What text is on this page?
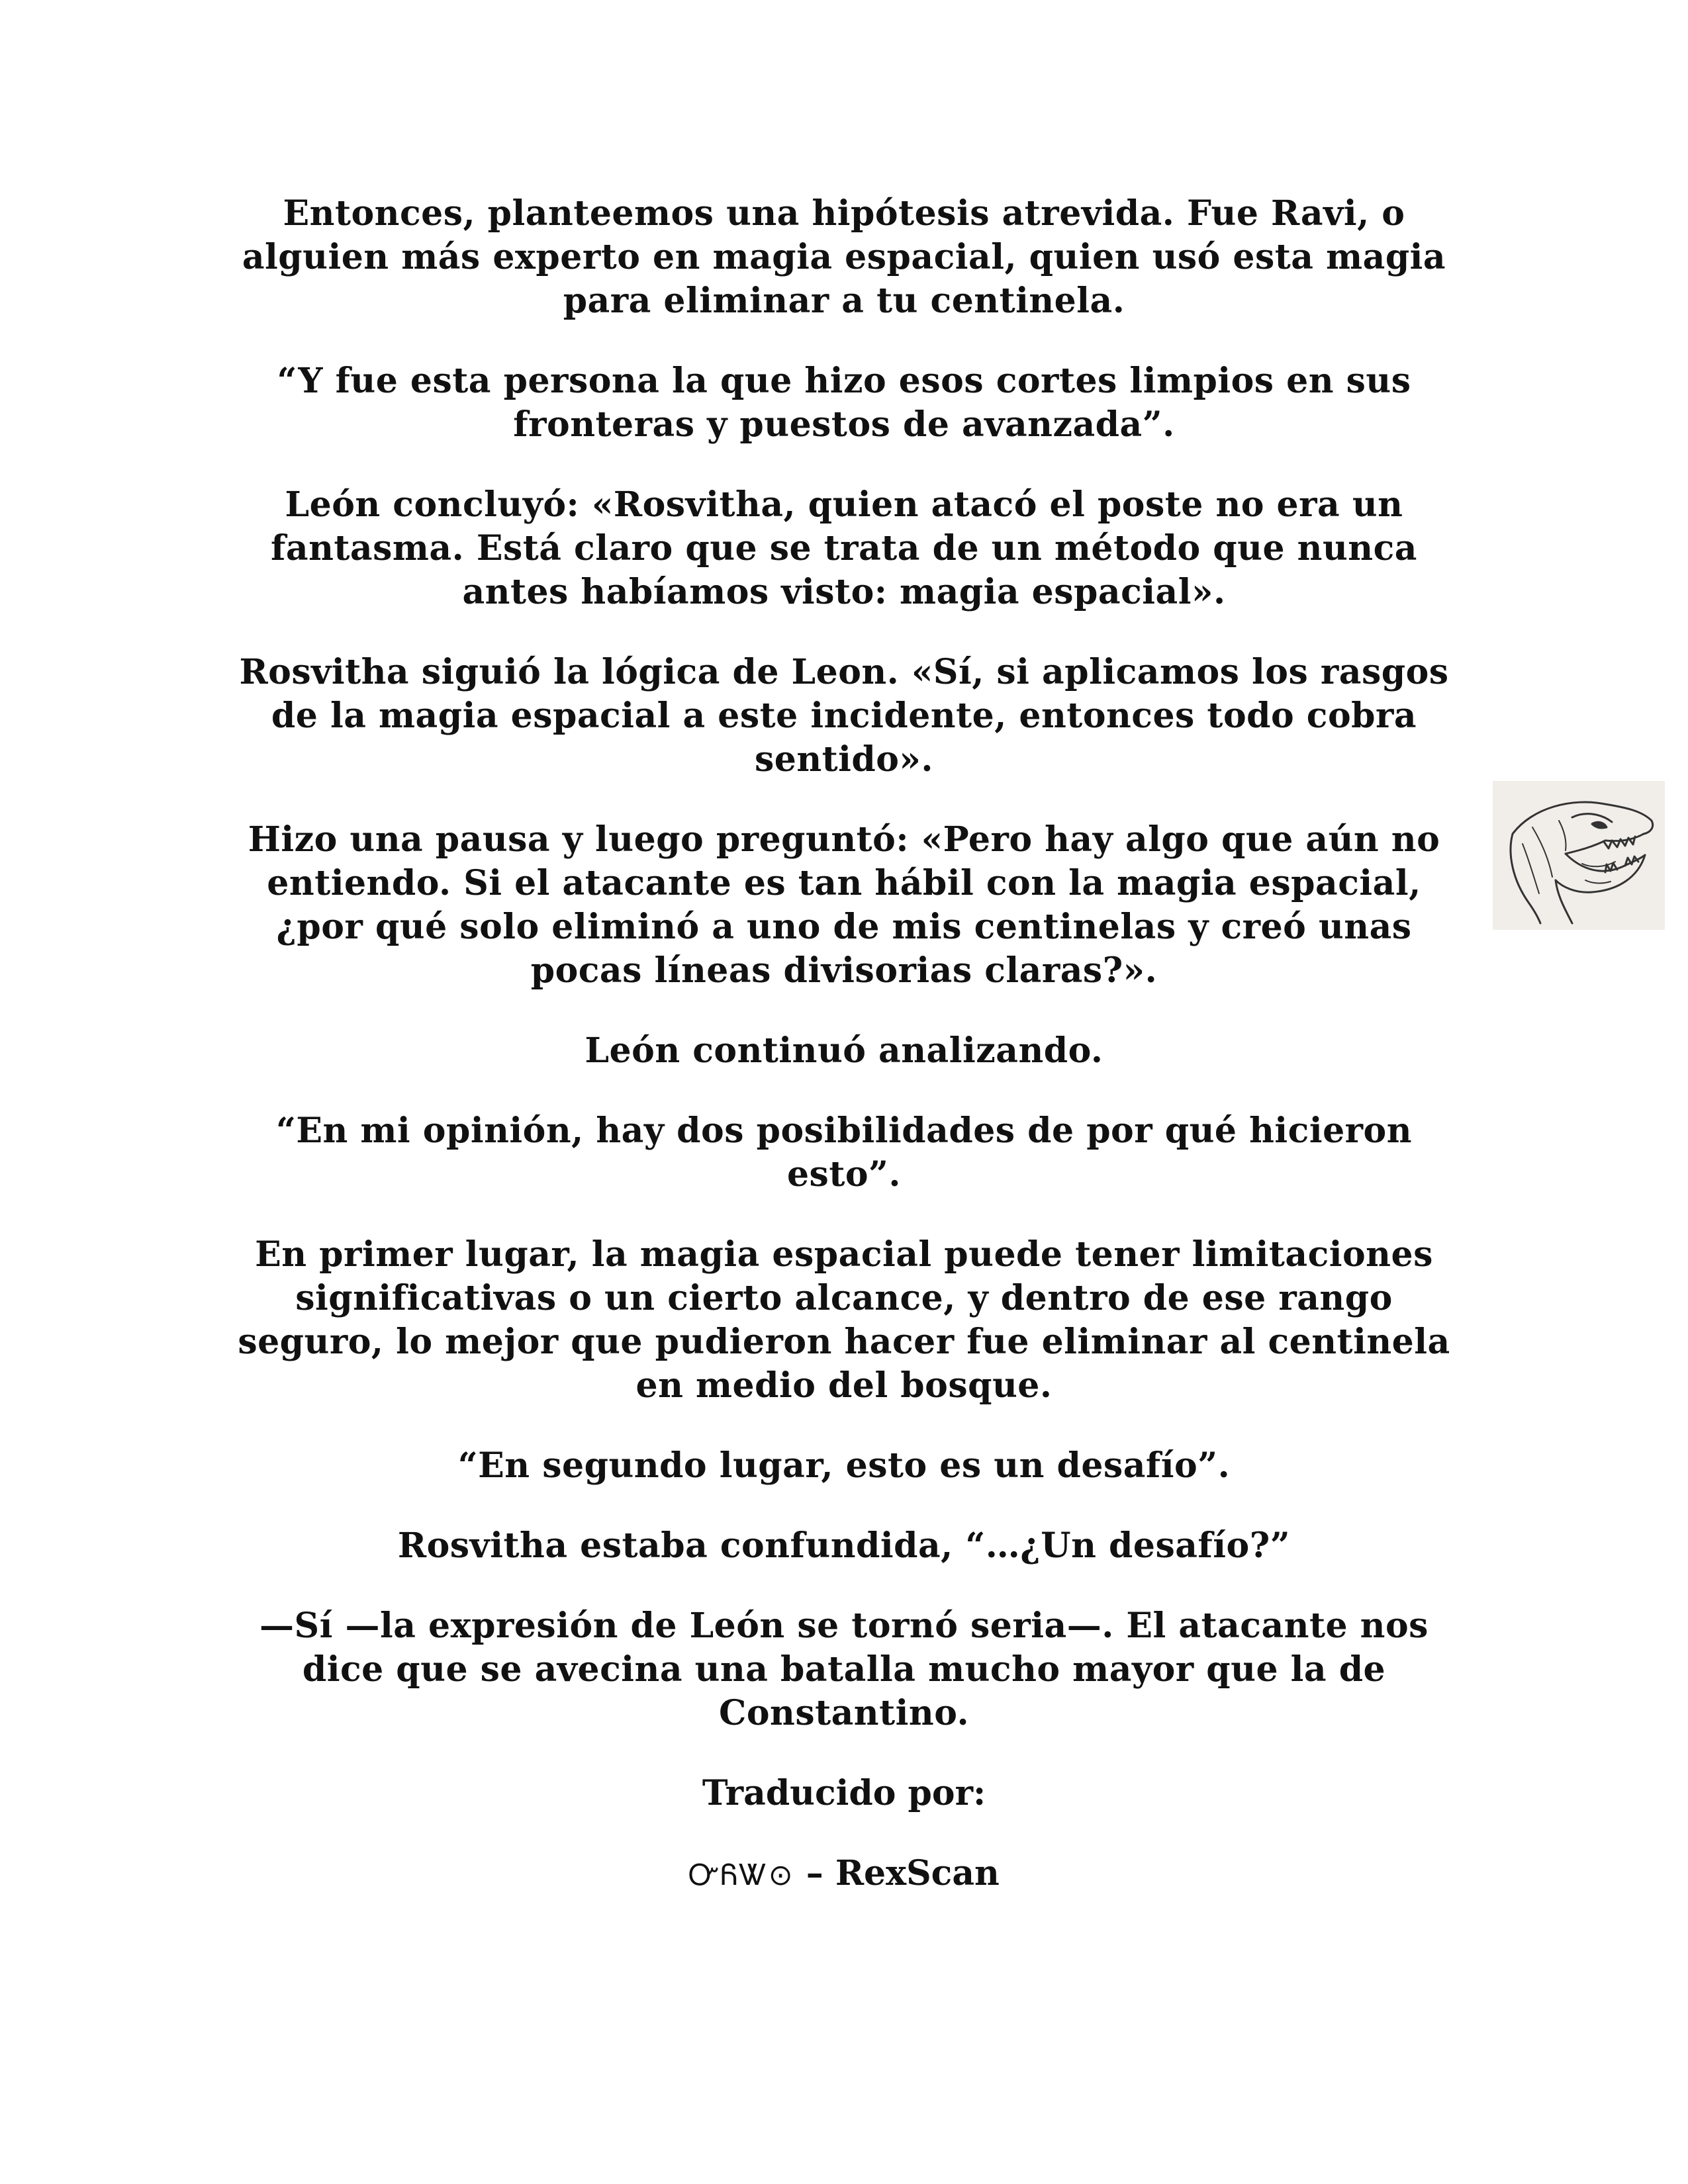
Entonces, planteemos una hipótesis atrevida. Fue Ravi, o alguien más experto en magia espacial, quien usó esta magia para eliminar a tu centinela.

“Y fue esta persona la que hizo esos cortes limpios en sus fronteras y puestos de avanzada”.

León concluyó: «Rosvitha, quien atacó el poste no era un fantasma. Está claro que se trata de un método que nunca antes habíamos visto: magia espacial».

Rosvitha siguió la lógica de Leon. «Sí, si aplicamos los rasgos de la magia espacial a este incidente, entonces todo cobra sentido».

Hizo una pausa y luego preguntó: «Pero hay algo que aún no entiendo. Si el atacante es tan hábil con la magia espacial, ¿por qué solo eliminó a uno de mis centinelas y creó unas pocas líneas divisorias claras?».

León continuó analizando.

“En mi opinión, hay dos posibilidades de por qué hicieron esto”.

En primer lugar, la magia espacial puede tener limitaciones significativas o un cierto alcance, y dentro de ese rango seguro, lo mejor que pudieron hacer fue eliminar al centinela en medio del bosque.

“En segundo lugar, esto es un desafío”.

Rosvitha estaba confundida, “…¿Un desafío?”

—Sí —la expresión de León se tornó seria—. El atacante nos dice que se avecina una batalla mucho mayor que la de Constantino.

Traducido por:

ᏅᏲᏔ⊙ – RexScan
